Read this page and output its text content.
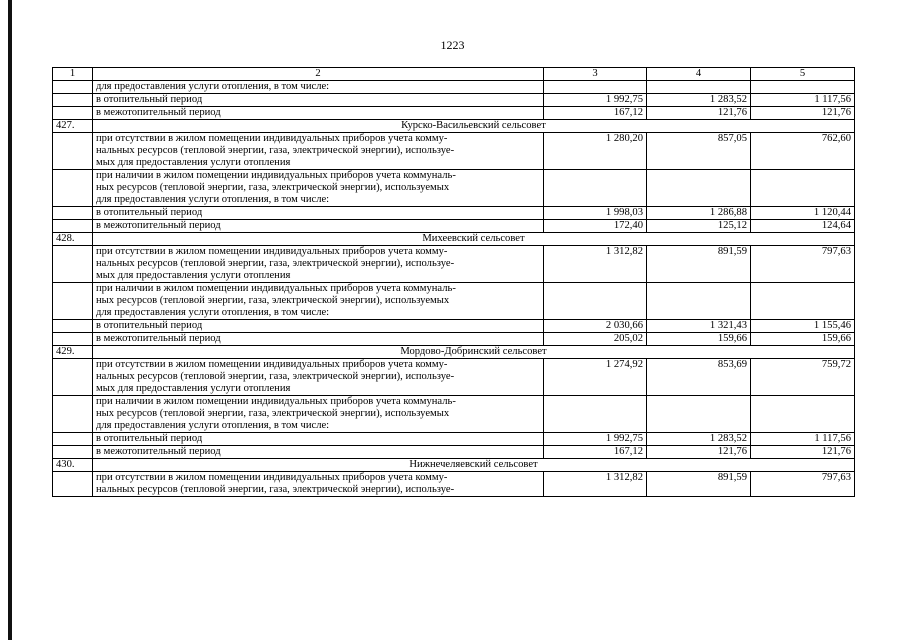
1223
1	2	3	4	5

	для предоставления услуги отопления, в том числе:			

	в отопительный период	1 992,75	1 283,52	1 117,56

	в межотопительный период	167,12	121,76	121,76
427.	Курско-Васильевский сельсовет			

	при отсутствии в жилом помещении индивидуальных приборов учета комму-
нальных ресурсов (тепловой энергии, газа, электрической энергии), используе-
мых для предоставления услуги отопления	1 280,20	857,05	762,60

	при наличии в жилом помещении индивидуальных приборов учета коммуналь-
ных ресурсов (тепловой энергии, газа, электрической энергии), используемых
для предоставления услуги отопления, в том числе:			

	в отопительный период	1 998,03	1 286,88	1 120,44

	в межотопительный период	172,40	125,12	124,64
428.	Михеевский сельсовет			

	при отсутствии в жилом помещении индивидуальных приборов учета комму-
нальных ресурсов (тепловой энергии, газа, электрической энергии), используе-
мых для предоставления услуги отопления	1 312,82	891,59	797,63

	при наличии в жилом помещении индивидуальных приборов учета коммуналь-
ных ресурсов (тепловой энергии, газа, электрической энергии), используемых
для предоставления услуги отопления, в том числе:			

	в отопительный период	2 030,66	1 321,43	1 155,46

	в межотопительный период	205,02	159,66	159,66
429.	Мордово-Добринский сельсовет			

	при отсутствии в жилом помещении индивидуальных приборов учета комму-
нальных ресурсов (тепловой энергии, газа, электрической энергии), используе-
мых для предоставления услуги отопления	1 274,92	853,69	759,72

	при наличии в жилом помещении индивидуальных приборов учета коммуналь-
ных ресурсов (тепловой энергии, газа, электрической энергии), используемых
для предоставления услуги отопления, в том числе:			

	в отопительный период	1 992,75	1 283,52	1 117,56

	в межотопительный период	167,12	121,76	121,76
430.	Нижнечеляевский сельсовет			

	при отсутствии в жилом помещении индивидуальных приборов учета комму-
нальных ресурсов (тепловой энергии, газа, электрической энергии), используе-	1 312,82	891,59	797,63
